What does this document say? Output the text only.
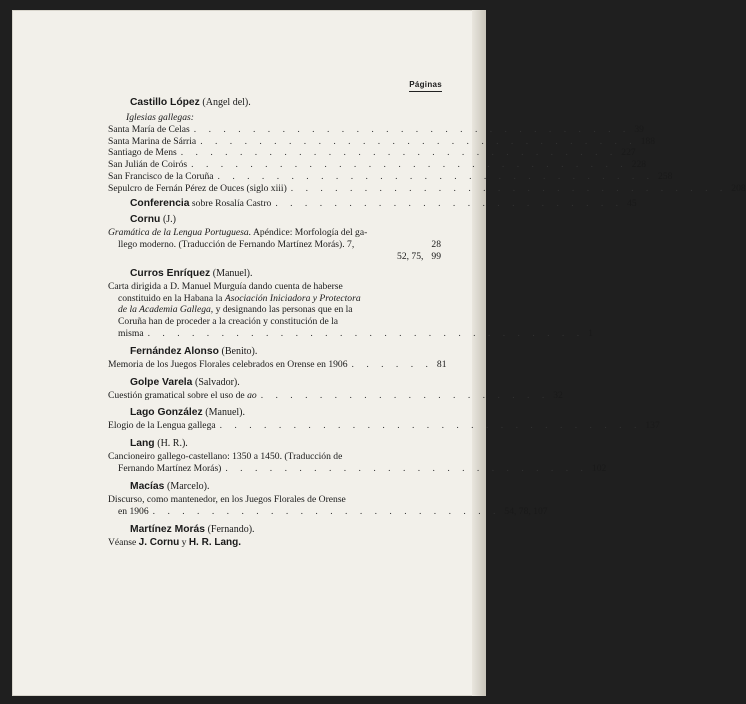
Páginas
Castillo López (Angel del).
Iglesias gallegas:
Santa María de Celas . . . . . . . . . . . . . . . . . . . . . . . . . . . . . . 39
Santa Marina de Sárria . . . . . . . . . . . . . . . . . . . . . . . . . . . . . . 188
Santiago de Mens . . . . . . . . . . . . . . . . . . . . . . . . . . . . . . 227
San Julián de Coirós . . . . . . . . . . . . . . . . . . . . . . . . . . . . . . 228
San Francisco de la Coruña . . . . . . . . . . . . . . . . . . . . . . . . . . . . . . 258
Sepulcro de Fernán Pérez de Ouces (siglo xiii) . . . . . . . . . . . . . . . . . . . . . . . . . . . . . . 208
Conferencia sobre Rosalía Castro . . . . . . . . . . . . . . . . . . . . . . . . 45
Cornu (J.)
Gramática de la Lengua Portuguesa. Apéndice: Morfología del ga-
llego moderno. (Traducción de Fernando Martínez Morás). 7,	28
52, 75, 99
Curros Enríquez (Manuel).
Carta dirigida a D. Manuel Murguía dando cuenta de haberse
constituido en la Habana la Asociación Iniciadora y Protectora
de la Academia Gallega, y designando las personas que en la
Coruña han de proceder a la creación y constitución de la
misma . . . . . . . . . . . . . . . . . . . . . . . . . . . . . . 1
Fernández Alonso (Benito).
Memoria de los Juegos Florales celebrados en Orense en 1906 . . . . . . 81
Golpe Varela (Salvador).
Cuestión gramatical sobre el uso de ao . . . . . . . . . . . . . . . . . . . . 32
Lago González (Manuel).
Elogio de la Lengua gallega . . . . . . . . . . . . . . . . . . . . . . . . . . . . . 137
Lang (H. R.).
Cancioneiro gallego-castellano: 1350 a 1450. (Traducción de
Fernando Martínez Morás) . . . . . . . . . . . . . . . . . . . . . . . . . 102
Macías (Marcelo).
Discurso, como mantenedor, en los Juegos Florales de Orense
en 1906 . . . . . . . . . . . . . . . . . . . . . . . . 54, 78, 107
Martínez Morás (Fernando).
Véanse J. Cornu y H. R. Lang.
